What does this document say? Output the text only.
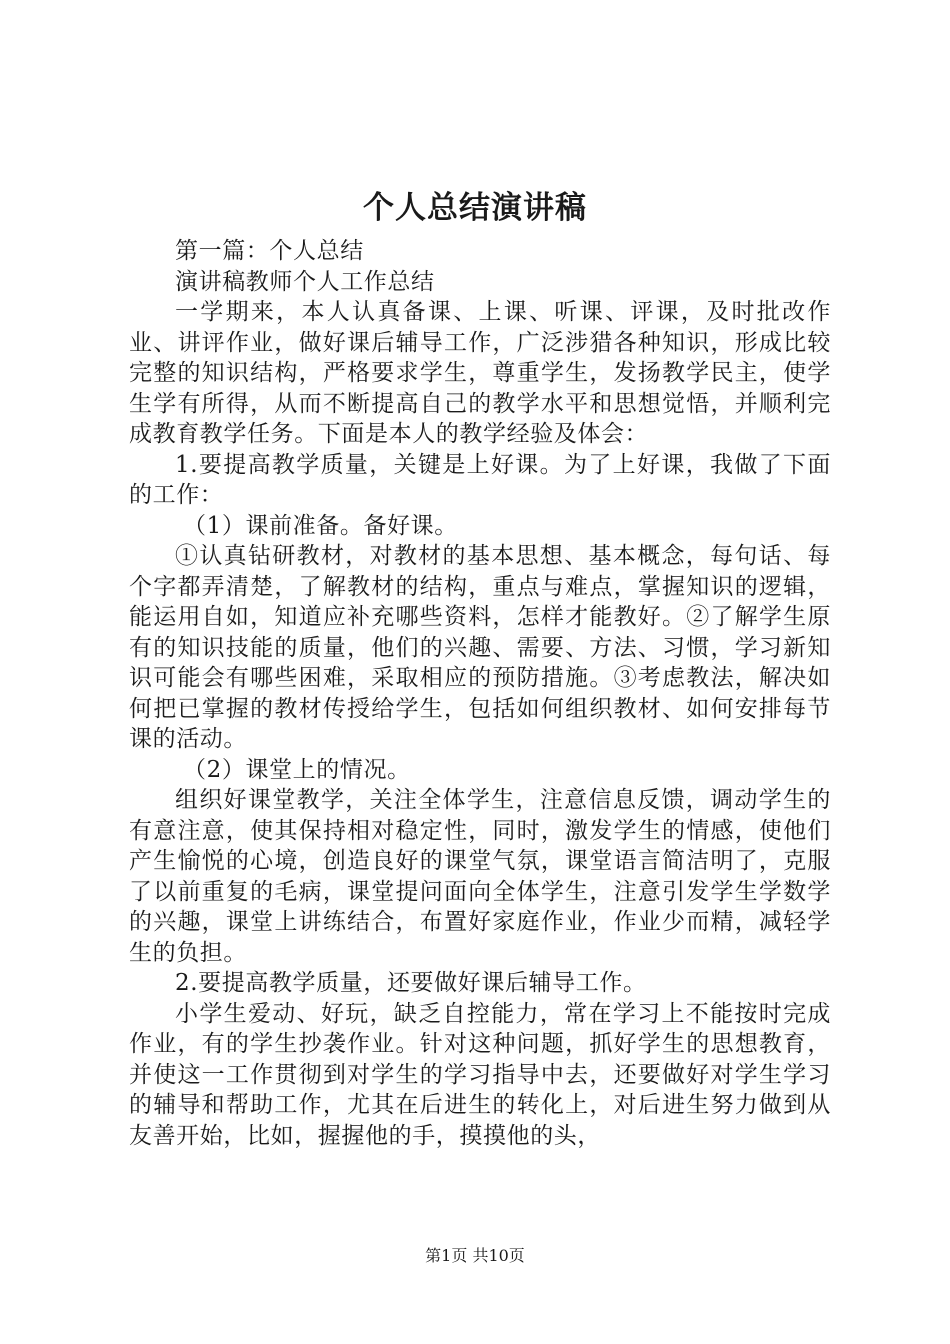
个人总结演讲稿

第一篇：个人总结

演讲稿教师个人工作总结

一学期来，本人认真备课、上课、听课、评课，及时批改作业、讲评作业，做好课后辅导工作，广泛涉猎各种知识，形成比较完整的知识结构，严格要求学生，尊重学生，发扬教学民主，使学生学有所得，从而不断提高自己的教学水平和思想觉悟，并顺利完成教育教学任务。下面是本人的教学经验及体会：

1.要提高教学质量，关键是上好课。为了上好课，我做了下面的工作：

（1）课前准备。备好课。

①认真钻研教材，对教材的基本思想、基本概念，每句话、每个字都弄清楚，了解教材的结构，重点与难点，掌握知识的逻辑，能运用自如，知道应补充哪些资料，怎样才能教好。②了解学生原有的知识技能的质量，他们的兴趣、需要、方法、习惯，学习新知识可能会有哪些困难，采取相应的预防措施。③考虑教法，解决如何把已掌握的教材传授给学生，包括如何组织教材、如何安排每节课的活动。

（2）课堂上的情况。

组织好课堂教学，关注全体学生，注意信息反馈，调动学生的有意注意，使其保持相对稳定性，同时，激发学生的情感，使他们产生愉悦的心境，创造良好的课堂气氛，课堂语言简洁明了，克服了以前重复的毛病，课堂提问面向全体学生，注意引发学生学数学的兴趣，课堂上讲练结合，布置好家庭作业，作业少而精，减轻学生的负担。

2.要提高教学质量，还要做好课后辅导工作。

小学生爱动、好玩，缺乏自控能力，常在学习上不能按时完成作业，有的学生抄袭作业。针对这种问题，抓好学生的思想教育，并使这一工作贯彻到对学生的学习指导中去，还要做好对学生学习的辅导和帮助工作，尤其在后进生的转化上，对后进生努力做到从友善开始，比如，握握他的手，摸摸他的头，

第1页 共10页
